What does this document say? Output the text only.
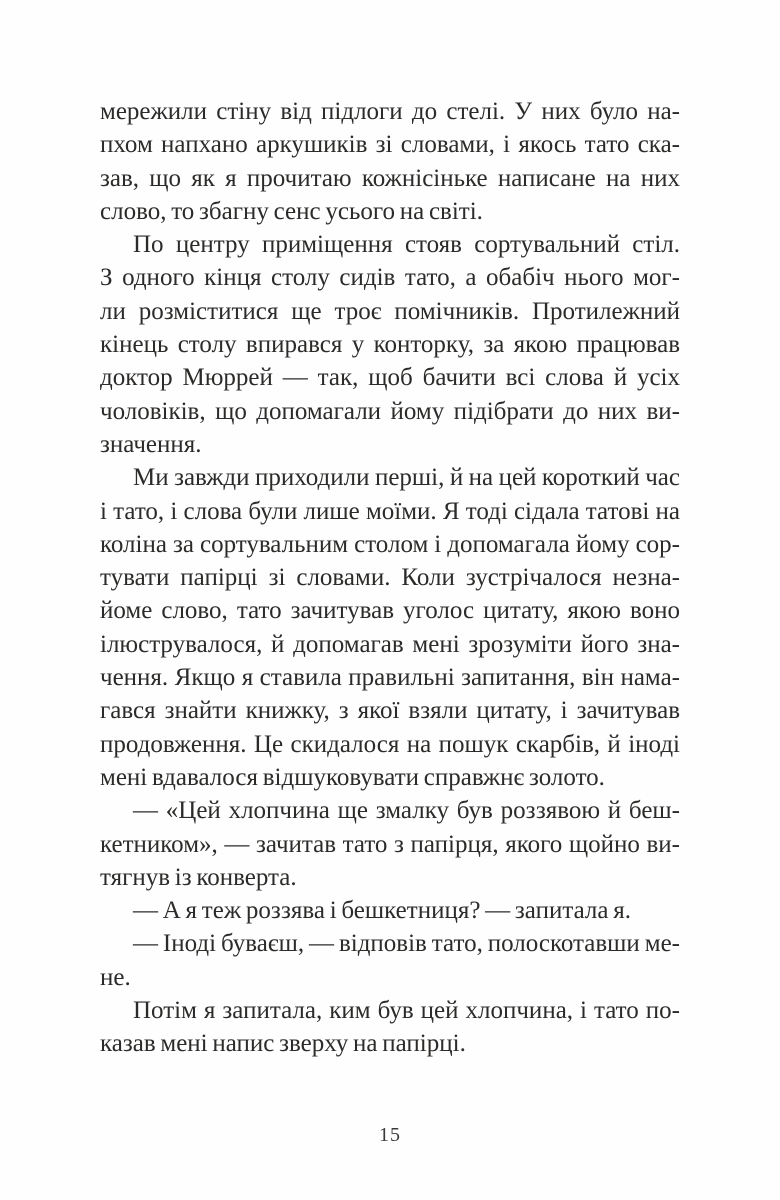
мережили стіну від підлоги до стелі. У них було на-
пхом напхано аркушиків зі словами, і якось тато ска-
зав, що як я прочитаю кожнісіньке написане на них
слово, то збагну сенс усього на світі.
По центру приміщення стояв сортувальний стіл.
З одного кінця столу сидів тато, а обабіч нього мог-
ли розміститися ще троє помічників. Протилежний
кінець столу впирався у конторку, за якою працював
доктор Мюррей — так, щоб бачити всі слова й усіх
чоловіків, що допомагали йому підібрати до них ви-
значення.
Ми завжди приходили перші, й на цей короткий час
і тато, і слова були лише моїми. Я тоді сідала татові на
коліна за сортувальним столом і допомагала йому сор-
тувати папірці зі словами. Коли зустрічалося незна-
йоме слово, тато зачитував уголос цитату, якою воно
ілюструвалося, й допомагав мені зрозуміти його зна-
чення. Якщо я ставила правильні запитання, він нама-
гався знайти книжку, з якої взяли цитату, і зачитував
продовження. Це скидалося на пошук скарбів, й іноді
мені вдавалося відшуковувати справжнє золото.
— «Цей хлопчина ще змалку був роззявою й беш-
кетником», — зачитав тато з папірця, якого щойно ви-
тягнув із конверта.
— А я теж роззява і бешкетниця? — запитала я.
— Іноді буваєш, — відповів тато, полоскотавши ме-
не.
Потім я запитала, ким був цей хлопчина, і тато по-
казав мені напис зверху на папірці.
15
